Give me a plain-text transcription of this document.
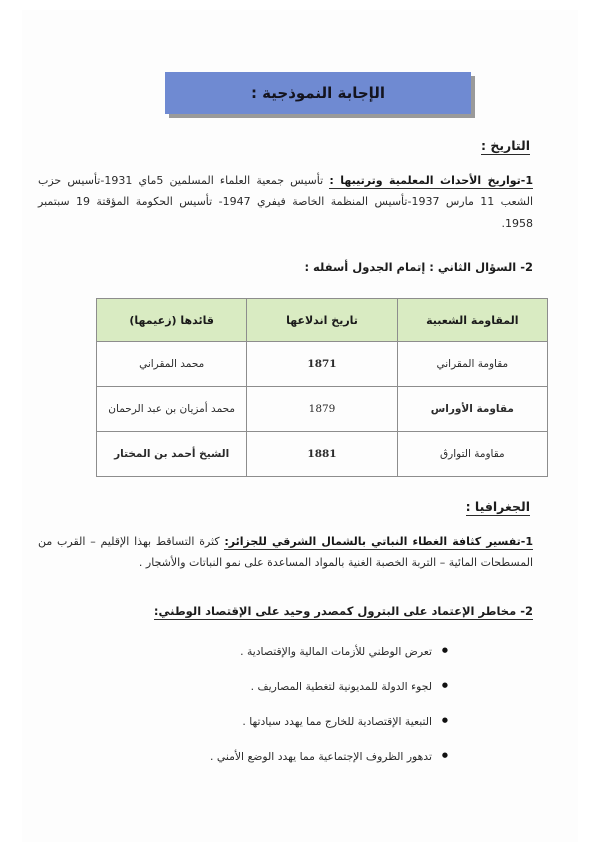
الإجابة النموذجية :
التاريخ :
1-تواريخ الأحداث المعلمية وترتيبها : تأسيس جمعية العلماء المسلمين 5ماي 1931-تأسيس حزب الشعب 11 مارس 1937-تأسيس المنظمة الخاصة فيفري 1947- تأسيس الحكومة المؤقتة 19 سبتمبر 1958.
2- السؤال الثاني : إتمام الجدول أسفله :
المقاومة الشعبية	تاريخ اندلاعها	قائدها (زعيمها)
مقاومة المقراني	1871	محمد المقراني
مقاومة الأوراس	1879	محمد أمزيان بن عبد الرحمان
مقاومة التوارڨ	1881	الشيخ أحمد بن المختار
الجغرافيا :
1-تفسير كثافة الغطاء النباتي بالشمال الشرقي للجزائر: كثرة التساقط بهذا الإقليم – القرب من المسطحات المائية – التربة الخصبة الغنية بالمواد المساعدة على نمو النباتات والأشجار .
2- مخاطر الإعتماد على البترول كمصدر وحيد على الإقتصاد الوطني:
● تعرض الوطني للأزمات المالية والإقتصادية .
● لجوء الدولة للمديونية لتغطية المصاريف .
● التبعية الإقتصادية للخارج مما يهدد سيادتها .
● تدهور الظروف الإجتماعية مما يهدد الوضع الأمني .
